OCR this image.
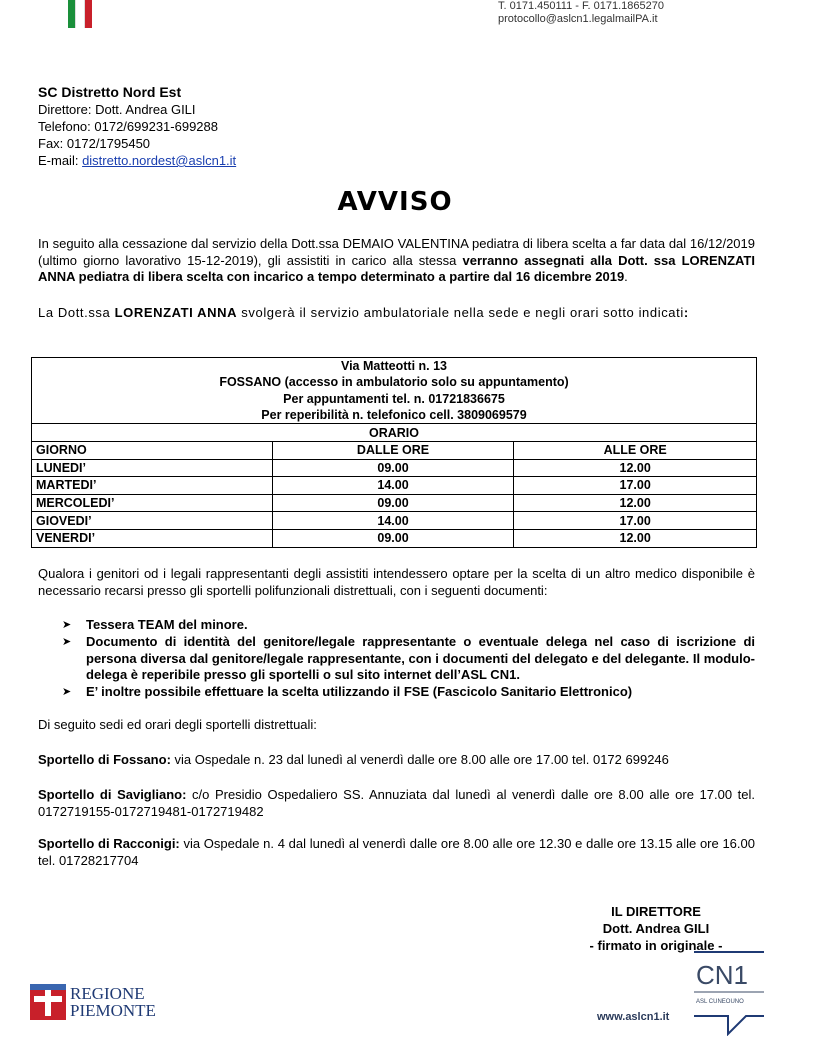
T. 0171.450111 - F. 0171.1865270
protocollo@aslcn1.legalmailPA.it
SC Distretto Nord Est
Direttore: Dott. Andrea GILI
Telefono: 0172/699231-699288
Fax: 0172/1795450
E-mail: distretto.nordest@aslcn1.it
AVVISO
In seguito alla cessazione dal servizio della Dott.ssa DEMAIO VALENTINA pediatra di libera scelta a far data dal 16/12/2019 (ultimo giorno lavorativo 15-12-2019), gli assistiti in carico alla stessa verranno assegnati alla Dott. ssa LORENZATI ANNA pediatra di libera scelta con incarico a tempo determinato a partire dal 16 dicembre 2019.
La Dott.ssa LORENZATI ANNA svolgerà il servizio ambulatoriale nella sede e negli orari sotto indicati:
Via Matteotti n. 13		
FOSSANO (accesso in ambulatorio solo su appuntamento)		
Per appuntamenti tel. n. 01721836675		
Per reperibilità n. telefonico cell. 3809069579		
ORARIO		
GIORNO	DALLE ORE	ALLE ORE
LUNEDI’	09.00	12.00
MARTEDI’	14.00	17.00
MERCOLEDI’	09.00	12.00
GIOVEDI’	14.00	17.00
VENERDI’	09.00	12.00
Qualora i genitori od i legali rappresentanti degli assistiti intendessero optare per la scelta di un altro medico disponibile è necessario recarsi presso gli sportelli polifunzionali distrettuali, con i seguenti documenti:
➤ Tessera TEAM del minore.
➤ Documento di identità del genitore/legale rappresentante o eventuale delega nel caso di iscrizione di persona diversa dal genitore/legale rappresentante, con i documenti del delegato e del delegante. Il modulo-delega è reperibile presso gli sportelli o sul sito internet dell’ASL CN1.
➤ E’ inoltre possibile effettuare la scelta utilizzando il FSE (Fascicolo Sanitario Elettronico)
Di seguito sedi ed orari degli sportelli distrettuali:
Sportello di Fossano: via Ospedale n. 23 dal lunedì al venerdì dalle ore 8.00 alle ore 17.00 tel. 0172 699246
Sportello di Savigliano: c/o Presidio Ospedaliero SS. Annuziata dal lunedì al venerdì dalle ore 8.00 alle ore 17.00 tel. 0172719155-0172719481-0172719482
Sportello di Racconigi: via Ospedale n. 4 dal lunedì al venerdì dalle ore 8.00 alle ore 12.30 e dalle ore 13.15 alle ore 16.00 tel. 01728217704
IL DIRETTORE
Dott. Andrea GILI
- firmato in originale -
REGIONE
PIEMONTE
CN1
ASL CUNEOUNO
www.aslcn1.it
